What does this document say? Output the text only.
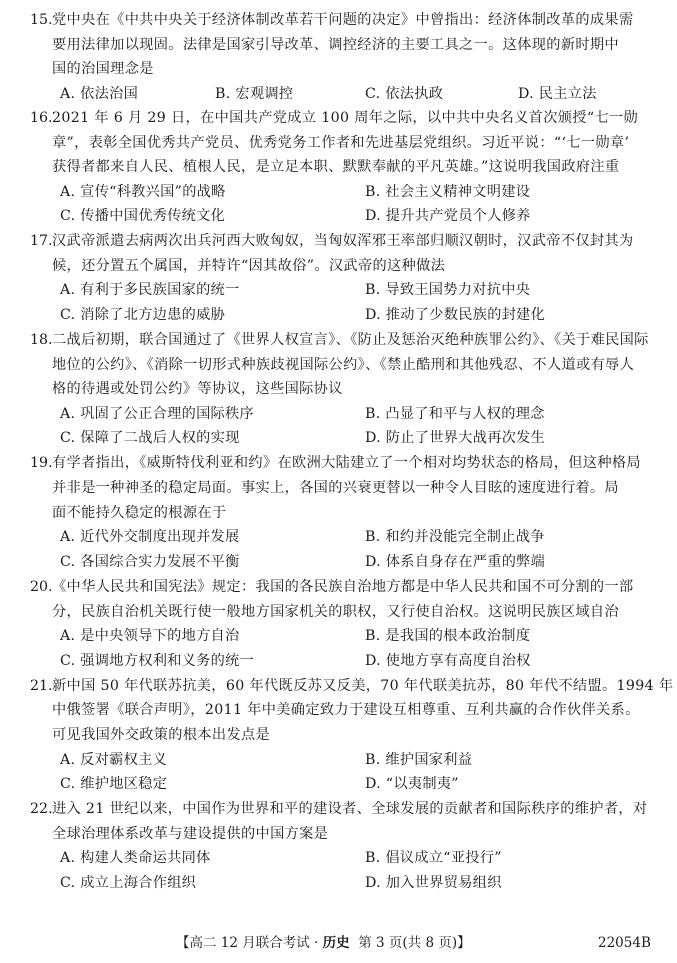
15. 党中央在《中共中央关于经济体制改革若干问题的决定》中曾指出：经济体制改革的成果需
要用法律加以现固。法律是国家引导改革、调控经济的主要工具之一。这体现的新时期中
国的治国理念是
A. 依法治国	B. 宏观调控	C. 依法执政	D. 民主立法
16. 2021 年 6 月 29 日，在中国共产党成立 100 周年之际，以中共中央名义首次颁授“七一勋
章”，表彰全国优秀共产党员、优秀党务工作者和先进基层党组织。习近平说：“‘七一勋章’
获得者都来自人民、植根人民，是立足本职、默默奉献的平凡英雄。”这说明我国政府注重
A. 宣传“科教兴国”的战略	B. 社会主义精神文明建设
C. 传播中国优秀传统文化	D. 提升共产党员个人修养
17. 汉武帝派遣去病两次出兵河西大败匈奴，当匈奴浑邪王率部归顺汉朝时，汉武帝不仅封其为
候，还分置五个属国，并特许“因其故俗”。汉武帝的这种做法
A. 有利于多民族国家的统一	B. 导致王国势力对抗中央
C. 消除了北方边患的威胁	D. 推动了少数民族的封建化
18. 二战后初期，联合国通过了《世界人权宣言》、《防止及惩治灭绝种族罪公约》、《关于难民国际
地位的公约》、《消除一切形式种族歧视国际公约》、《禁止酷刑和其他残忍、不人道或有辱人
格的待遇或处罚公约》等协议，这些国际协议
A. 巩固了公正合理的国际秩序	B. 凸显了和平与人权的理念
C. 保障了二战后人权的实现	D. 防止了世界大战再次发生
19. 有学者指出，《威斯特伐利亚和约》在欧洲大陆建立了一个相对均势状态的格局，但这种格局
并非是一种神圣的稳定局面。事实上，各国的兴衰更替以一种令人目眩的速度进行着。局
面不能持久稳定的根源在于
A. 近代外交制度出现并发展	B. 和约并没能完全制止战争
C. 各国综合实力发展不平衡	D. 体系自身存在严重的弊端
20. 《中华人民共和国宪法》规定：我国的各民族自治地方都是中华人民共和国不可分割的一部
分，民族自治机关既行使一般地方国家机关的职权，又行使自治权。这说明民族区域自治
A. 是中央领导下的地方自治	B. 是我国的根本政治制度
C. 强调地方权利和义务的统一	D. 使地方享有高度自治权
21. 新中国 50 年代联苏抗美，60 年代既反苏又反美，70 年代联美抗苏，80 年代不结盟。1994 年
中俄签署《联合声明》，2011 年中美确定致力于建设互相尊重、互利共赢的合作伙伴关系。
可见我国外交政策的根本出发点是
A. 反对霸权主义	B. 维护国家利益
C. 维护地区稳定	D. “以夷制夷”
22. 进入 21 世纪以来，中国作为世界和平的建设者、全球发展的贡献者和国际秩序的维护者，对
全球治理体系改革与建设提供的中国方案是
A. 构建人类命运共同体	B. 倡议成立“亚投行”
C. 成立上海合作组织	D. 加入世界贸易组织
【高二 12 月联合考试 · 历史  第 3 页(共 8 页)】	22054B
